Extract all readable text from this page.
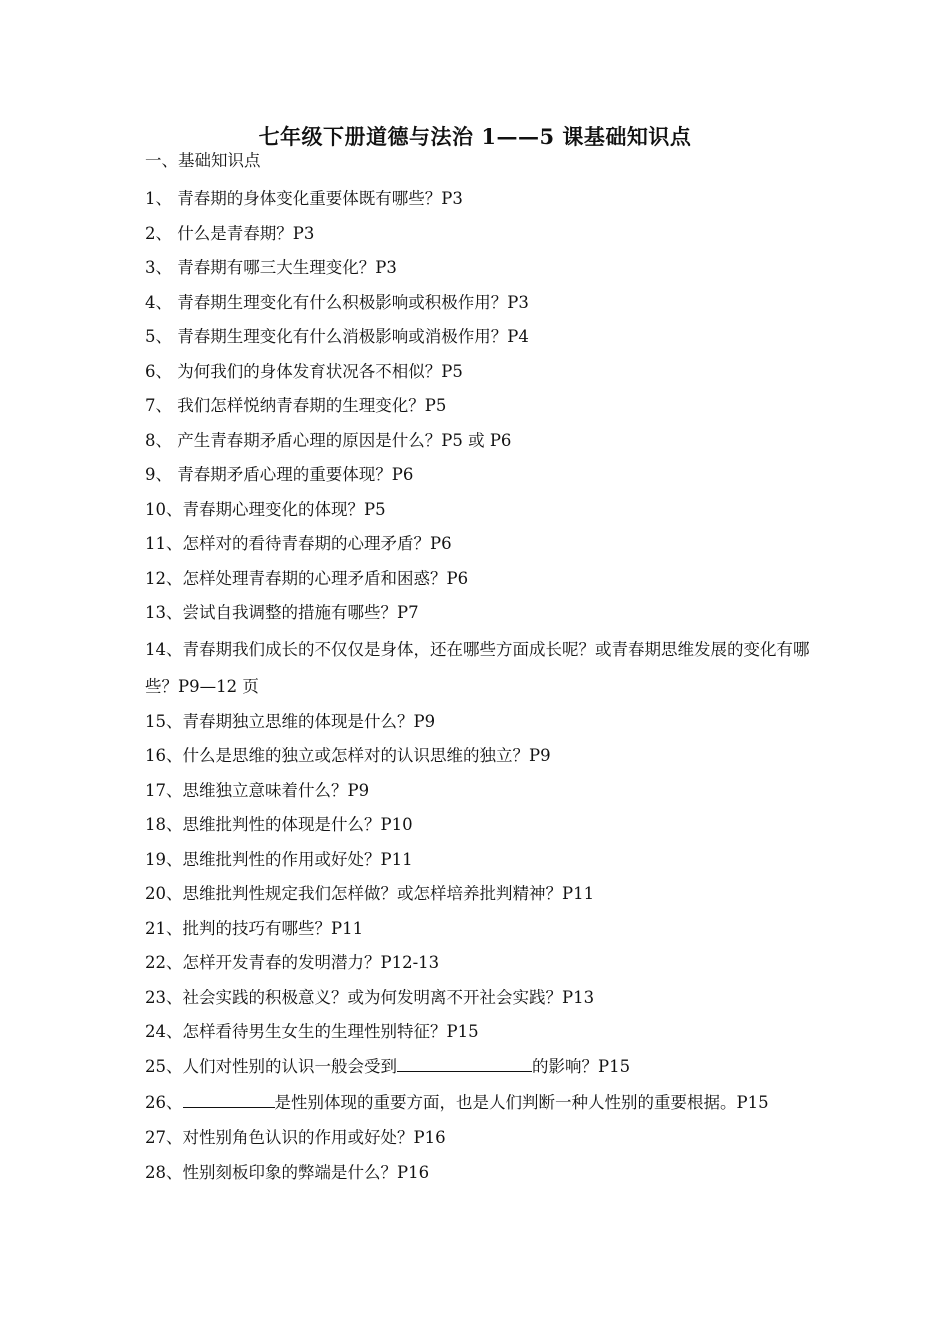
七年级下册道德与法治 1——5 课基础知识点
一、基础知识点
1、 青春期的身体变化重要体既有哪些？P3
2、 什么是青春期？P3
3、 青春期有哪三大生理变化？P3
4、 青春期生理变化有什么积极影响或积极作用？P3
5、 青春期生理变化有什么消极影响或消极作用？P4
6、 为何我们的身体发育状况各不相似？P5
7、 我们怎样悦纳青春期的生理变化？P5
8、 产生青春期矛盾心理的原因是什么？P5 或 P6
9、 青春期矛盾心理的重要体现？P6
10、青春期心理变化的体现？P5
11、怎样对的看待青春期的心理矛盾？P6
12、怎样处理青春期的心理矛盾和困惑？P6
13、尝试自我调整的措施有哪些？P7
14、青春期我们成长的不仅仅是身体，还在哪些方面成长呢？或青春期思维发展的变化有哪些？P9—12 页
15、青春期独立思维的体现是什么？P9
16、什么是思维的独立或怎样对的认识思维的独立？P9
17、思维独立意味着什么？P9
18、思维批判性的体现是什么？P10
19、思维批判性的作用或好处？P11
20、思维批判性规定我们怎样做？或怎样培养批判精神？P11
21、批判的技巧有哪些？P11
22、怎样开发青春的发明潜力？P12-13
23、社会实践的积极意义？或为何发明离不开社会实践？P13
24、怎样看待男生女生的生理性别特征？P15
25、人们对性别的认识一般会受到	的影响？P15
26、	是性别体现的重要方面，也是人们判断一种人性别的重要根据。P15
27、对性别角色认识的作用或好处？P16
28、性别刻板印象的弊端是什么？P16
